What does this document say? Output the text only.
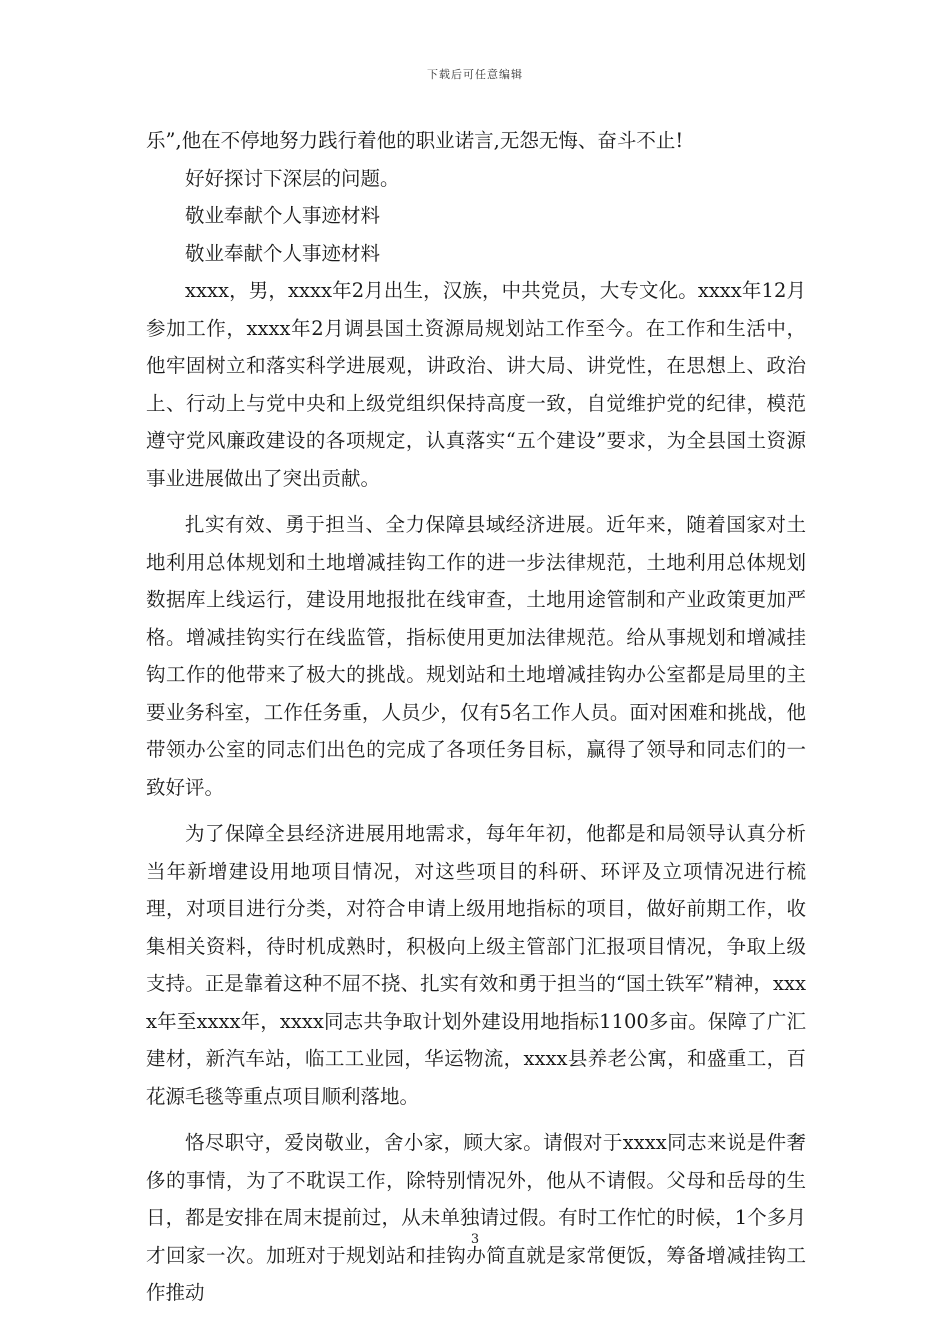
下载后可任意编辑

乐”,他在不停地努力践行着他的职业诺言,无怨无悔、奋斗不止!

好好探讨下深层的问题。

敬业奉献个人事迹材料

敬业奉献个人事迹材料

xxxx，男，xxxx年2月出生，汉族，中共党员，大专文化。xxxx年12月参加工作，xxxx年2月调县国土资源局规划站工作至今。在工作和生活中，他牢固树立和落实科学进展观，讲政治、讲大局、讲党性，在思想上、政治上、行动上与党中央和上级党组织保持高度一致，自觉维护党的纪律，模范遵守党风廉政建设的各项规定，认真落实“五个建设”要求，为全县国土资源事业进展做出了突出贡献。

扎实有效、勇于担当、全力保障县域经济进展。近年来，随着国家对土地利用总体规划和土地增减挂钩工作的进一步法律规范，土地利用总体规划数据库上线运行，建设用地报批在线审查，土地用途管制和产业政策更加严格。增减挂钩实行在线监管，指标使用更加法律规范。给从事规划和增减挂钩工作的他带来了极大的挑战。规划站和土地增减挂钩办公室都是局里的主要业务科室，工作任务重，人员少，仅有5名工作人员。面对困难和挑战，他带领办公室的同志们出色的完成了各项任务目标，赢得了领导和同志们的一致好评。

为了保障全县经济进展用地需求，每年年初，他都是和局领导认真分析当年新增建设用地项目情况，对这些项目的科研、环评及立项情况进行梳理，对项目进行分类，对符合申请上级用地指标的项目，做好前期工作，收集相关资料，待时机成熟时，积极向上级主管部门汇报项目情况，争取上级支持。正是靠着这种不屈不挠、扎实有效和勇于担当的“国土铁军”精神，xxxx年至xxxx年，xxxx同志共争取计划外建设用地指标1100多亩。保障了广汇建材，新汽车站，临工工业园，华运物流，xxxx县养老公寓，和盛重工，百花源毛毯等重点项目顺利落地。

恪尽职守，爱岗敬业，舍小家，顾大家。请假对于xxxx同志来说是件奢侈的事情，为了不耽误工作，除特别情况外，他从不请假。父母和岳母的生日，都是安排在周末提前过，从未单独请过假。有时工作忙的时候，1个多月才回家一次。加班对于规划站和挂钩办简直就是家常便饭，筹备增减挂钩工作推动

3
